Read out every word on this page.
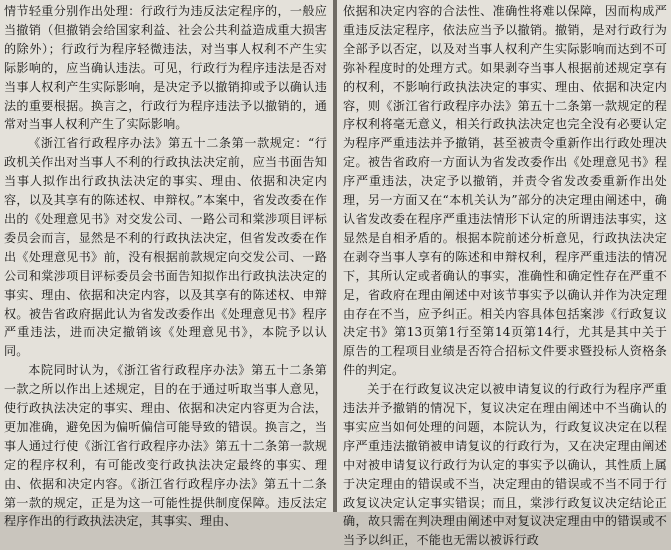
情节轻重分别作出处理：行政行为违反法定程序的，一般应当撤销（但撤销会给国家利益、社会公共利益造成重大损害的除外）；行政行为程序轻微违法，对当事人权利不产生实际影响的，应当确认违法。可见，行政行为程序违法是否对当事人权利产生实际影响，是决定予以撤销抑或予以确认违法的重要根据。换言之，行政行为程序违法予以撤销的，通常对当事人权利产生了实际影响。

《浙江省行政程序办法》第五十二条第一款规定：“行政机关作出对当事人不利的行政执法决定前，应当书面告知当事人拟作出行政执法决定的事实、理由、依据和决定内容，以及其享有的陈述权、申辩权。”本案中，省发改委在作出的《处理意见书》对交发公司、一路公司和棠涉项目评标委员会而言，显然是不利的行政执法决定，但省发改委在作出《处理意见书》前，没有根据前款规定向交发公司、一路公司和棠涉项目评标委员会书面告知拟作出行政执法决定的事实、理由、依据和决定内容，以及其享有的陈述权、申辩权。被告省政府据此认为省发改委作出《处理意见书》程序严重违法，进而决定撤销该《处理意见书》，本院予以认同。

本院同时认为，《浙江省行政程序办法》第五十二条第一款之所以作出上述规定，目的在于通过听取当事人意见，使行政执法决定的事实、理由、依据和决定内容更为合法，更加准确，避免因为偏听偏信可能导致的错误。换言之，当事人通过行使《浙江省行政程序办法》第五十二条第一款规定的程序权利，有可能改变行政执法决定最终的事实、理由、依据和决定内容。《浙江省行政程序办法》第五十二条第一款的规定，正是为这一可能性提供制度保障。违反法定程序作出的行政执法决定，其事实、理由、

依据和决定内容的合法性、准确性将难以保障，因而构成严重违反法定程序，依法应当予以撤销。撤销，是对行政行为全部予以否定，以及对当事人权利产生实际影响而达到不可弥补程度时的处理方式。如果剥夺当事人根据前述规定享有的权利，不影响行政执法决定的事实、理由、依据和决定内容，则《浙江省行政程序办法》第五十二条第一款规定的程序权利将毫无意义，相关行政执法决定也完全没有必要认定为程序严重违法并予撤销，甚至被责令重新作出行政处理决定。被告省政府一方面认为省发改委作出《处理意见书》程序严重违法，决定予以撤销，并责令省发改委重新作出处理，另一方面又在“本机关认为”部分的决定理由阐述中，确认省发改委在程序严重违法情形下认定的所谓违法事实，这显然是自相矛盾的。根据本院前述分析意见，行政执法决定在剥夺当事人享有的陈述和申辩权利，程序严重违法的情况下，其所认定或者确认的事实，准确性和确定性存在严重不足，省政府在理由阐述中对该节事实予以确认并作为决定理由存在不当，应予纠正。相关内容具体包括案涉《行政复议决定书》第13页第1行至第14页第14行，尤其是其中关于原告的工程项目业绩是否符合招标文件要求暨投标人资格条件的判定。

关于在行政复议决定以被申请复议的行政行为程序严重违法并予撤销的情况下，复议决定在理由阐述中不当确认的事实应当如何处理的问题，本院认为，行政复议决定在以程序严重违法撤销被申请复议的行政行为，又在决定理由阐述中对被申请复议行政行为认定的事实予以确认，其性质上属于决定理由的错误或不当，决定理由的错误或不当不同于行政复议决定认定事实错误；而且，棠涉行政复议决定结论正确，故只需在判决理由阐述中对复议决定理由中的错误或不当予以纠正，不能也无需以被诉行政
